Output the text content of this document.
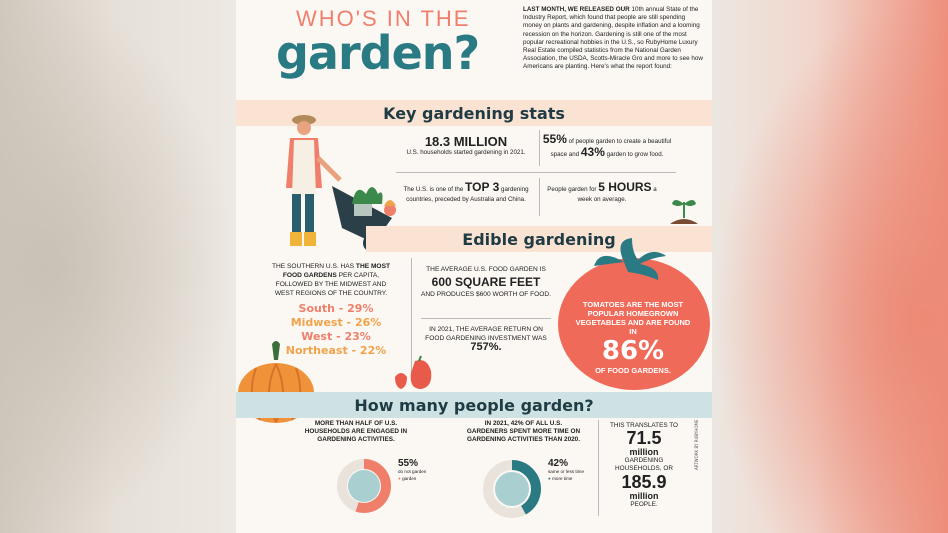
WHO'S IN THE
garden?
LAST MONTH, WE RELEASED OUR 10th annual State of the Industry Report, which found that people are still spending money on plants and gardening, despite inflation and a looming recession on the horizon. Gardening is still one of the most popular recreational hobbies in the U.S., so RubyHome Luxury Real Estate compiled statistics from the National Garden Association, the USDA, Scotts-Miracle Gro and more to see how Americans are planting. Here's what the report found:
Key gardening stats
18.3 MILLION
U.S. households started gardening in 2021.
55% of people garden to create a beautiful space and 43% garden to grow food.
The U.S. is one of the TOP 3 gardening countries, preceded by Australia and China.
People garden for 5 HOURS a week on average.
Edible gardening
THE SOUTHERN U.S. HAS THE MOST FOOD GARDENS PER CAPITA, FOLLOWED BY THE MIDWEST AND WEST REGIONS OF THE COUNTRY.
South - 29%
Midwest - 26%
West - 23%
Northeast - 22%
THE AVERAGE U.S. FOOD GARDEN IS
600 SQUARE FEET
AND PRODUCES $600 WORTH OF FOOD.
IN 2021, THE AVERAGE RETURN ON FOOD GARDENING INVESTMENT WAS
757%.
TOMATOES ARE THE MOST POPULAR HOMEGROWN VEGETABLES AND ARE FOUND IN
86%
OF FOOD GARDENS.
How many people garden?
MORE THAN HALF OF U.S. HOUSEHOLDS ARE ENGAGED IN GARDENING ACTIVITIES.
55%
do not garden
● garden
IN 2021, 42% OF ALL U.S. GARDENERS SPENT MORE TIME ON GARDENING ACTIVITIES THAN 2020.
42%
same or less time
● more time
THIS TRANSLATES TO
71.5
million
GARDENING HOUSEHOLDS, OR
185.9
million
PEOPLE.
ARTWORK BY RUBYHOME
